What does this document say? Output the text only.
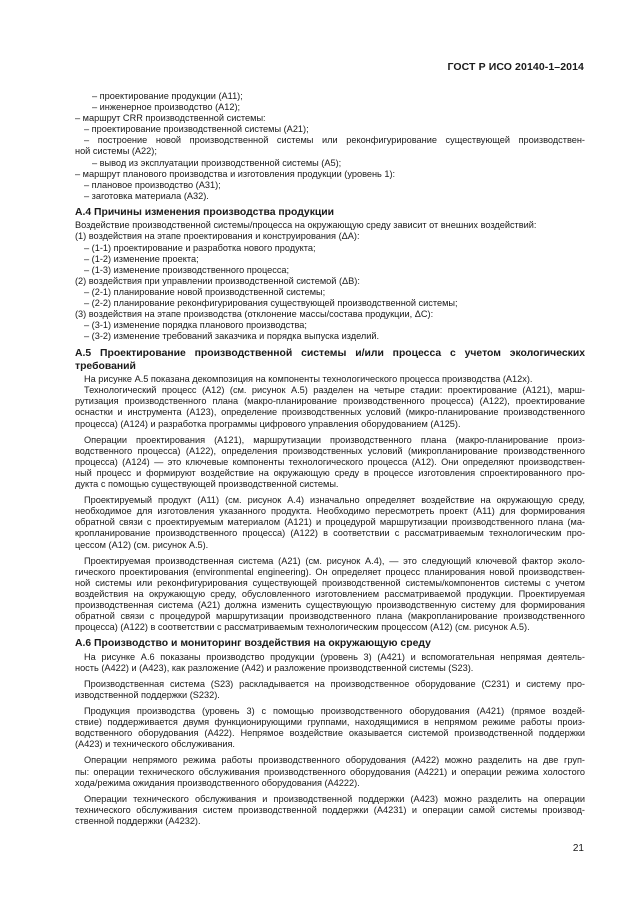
ГОСТ Р ИСО 20140-1–2014
– проектирование продукции (A11);
– инженерное производство (A12);
– маршрут CRR производственной системы:
– проектирование производственной системы (A21);
– построение новой производственной системы или реконфигурирование существующей производствен-
ной системы (A22);
– вывод из эксплуатации производственной системы (A5);
– маршрут планового производства и изготовления продукции (уровень 1):
– плановое производство (A31);
– заготовка материала (A32).
А.4 Причины изменения производства продукции
Воздействие производственной системы/процесса на окружающую среду зависит от внешних воздействий:
(1) воздействия на этапе проектирования и конструирования (ΔA):
– (1-1) проектирование и разработка нового продукта;
– (1-2) изменение проекта;
– (1-3) изменение производственного процесса;
(2) воздействия при управлении производственной системой (ΔB):
– (2-1) планирование новой производственной системы;
– (2-2) планирование реконфигурирования существующей производственной системы;
(3) воздействия на этапе производства (отклонение массы/состава продукции, ΔC):
– (3-1) изменение порядка планового производства;
– (3-2) изменение требований заказчика и порядка выпуска изделий.
А.5 Проектирование производственной системы и/или процесса с учетом экологических
требований
На рисунке А.5 показана декомпозиция на компоненты технологического процесса производства (A12x).
Технологический процесс (A12) (см. рисунок А.5) разделен на четыре стадии: проектирование (A121), марш-
рутизация производственного плана (макро-планирование производственного процесса) (A122), проектирование
оснастки и инструмента (A123), определение производственных условий (микро-планирование производственного
процесса) (A124) и разработка программы цифрового управления оборудованием (A125).
Операции проектирования (A121), маршрутизации производственного плана (макро-планирование произ-
водственного процесса) (A122), определения производственных условий (микропланирование производственного
процесса) (A124) — это ключевые компоненты технологического процесса (A12). Они определяют производствен-
ный процесс и формируют воздействие на окружающую среду в процессе изготовления спроектированного про-
дукта с помощью существующей производственной системы.
Проектируемый продукт (A11) (см. рисунок А.4) изначально определяет воздействие на окружающую среду,
необходимое для изготовления указанного продукта. Необходимо пересмотреть проект (A11) для формирования
обратной связи с проектируемым материалом (A121) и процедурой маршрутизации производственного плана (ма-
кропланирование производственного процесса) (A122) в соответствии с рассматриваемым технологическим про-
цессом (A12) (см. рисунок А.5).
Проектируемая производственная система (A21) (см. рисунок А.4), — это следующий ключевой фактор эколо-
гического проектирования (environmental engineering). Он определяет процесс планирования новой производствен-
ной системы или реконфигурирования существующей производственной системы/компонентов системы с учетом
воздействия на окружающую среду, обусловленного изготовлением рассматриваемой продукции. Проектируемая
производственная система (A21) должна изменить существующую производственную систему для формирования
обратной связи с процедурой маршрутизации производственного плана (макропланирование производственного
процесса) (A122) в соответствии с рассматриваемым технологическим процессом (A12) (см. рисунок А.5).
А.6 Производство и мониторинг воздействия на окружающую среду
На рисунке А.6 показаны производство продукции (уровень 3) (A421) и вспомогательная непрямая деятель-
ность (A422) и (A423), как разложение (A42) и разложение производственной системы (S23).
Производственная система (S23) раскладывается на производственное оборудование (C231) и систему про-
изводственной поддержки (S232).
Продукция производства (уровень 3) с помощью производственного оборудования (A421) (прямое воздей-
ствие) поддерживается двумя функционирующими группами, находящимися в непрямом режиме работы произ-
водственного оборудования (A422). Непрямое воздействие оказывается системой производственной поддержки
(A423) и технического обслуживания.
Операции непрямого режима работы производственного оборудования (A422) можно разделить на две груп-
пы: операции технического обслуживания производственного оборудования (A4221) и операции режима холостого
хода/режима ожидания производственного оборудования (A4222).
Операции технического обслуживания и производственной поддержки (A423) можно разделить на операции
технического обслуживания систем производственной поддержки (A4231) и операции самой системы производ-
ственной поддержки (A4232).
21
